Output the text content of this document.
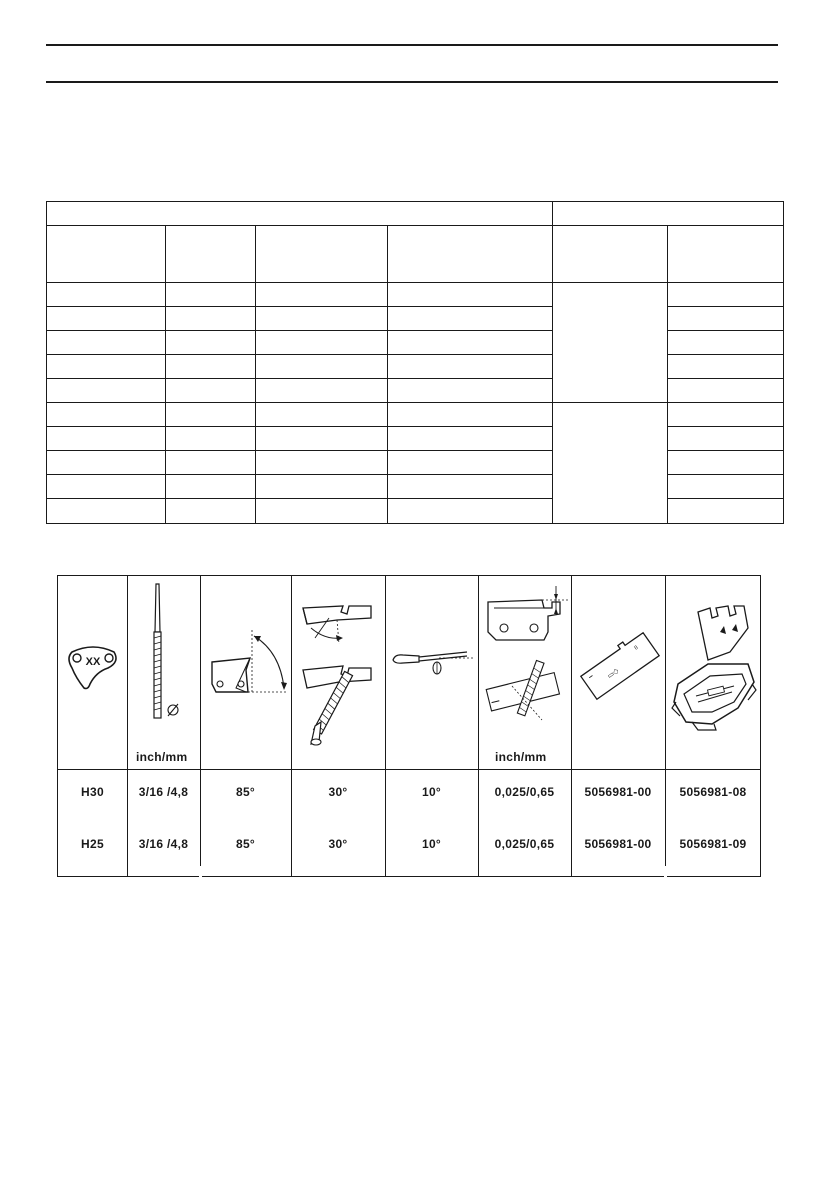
XX
inch/mm	inch/mm
▭◇
II
H30	3/16 /4,8	85°	30°	10°	0,025/0,65	5056981-00	5056981-08
H25	3/16 /4,8	85°	30°	10°	0,025/0,65	5056981-00	5056981-09
